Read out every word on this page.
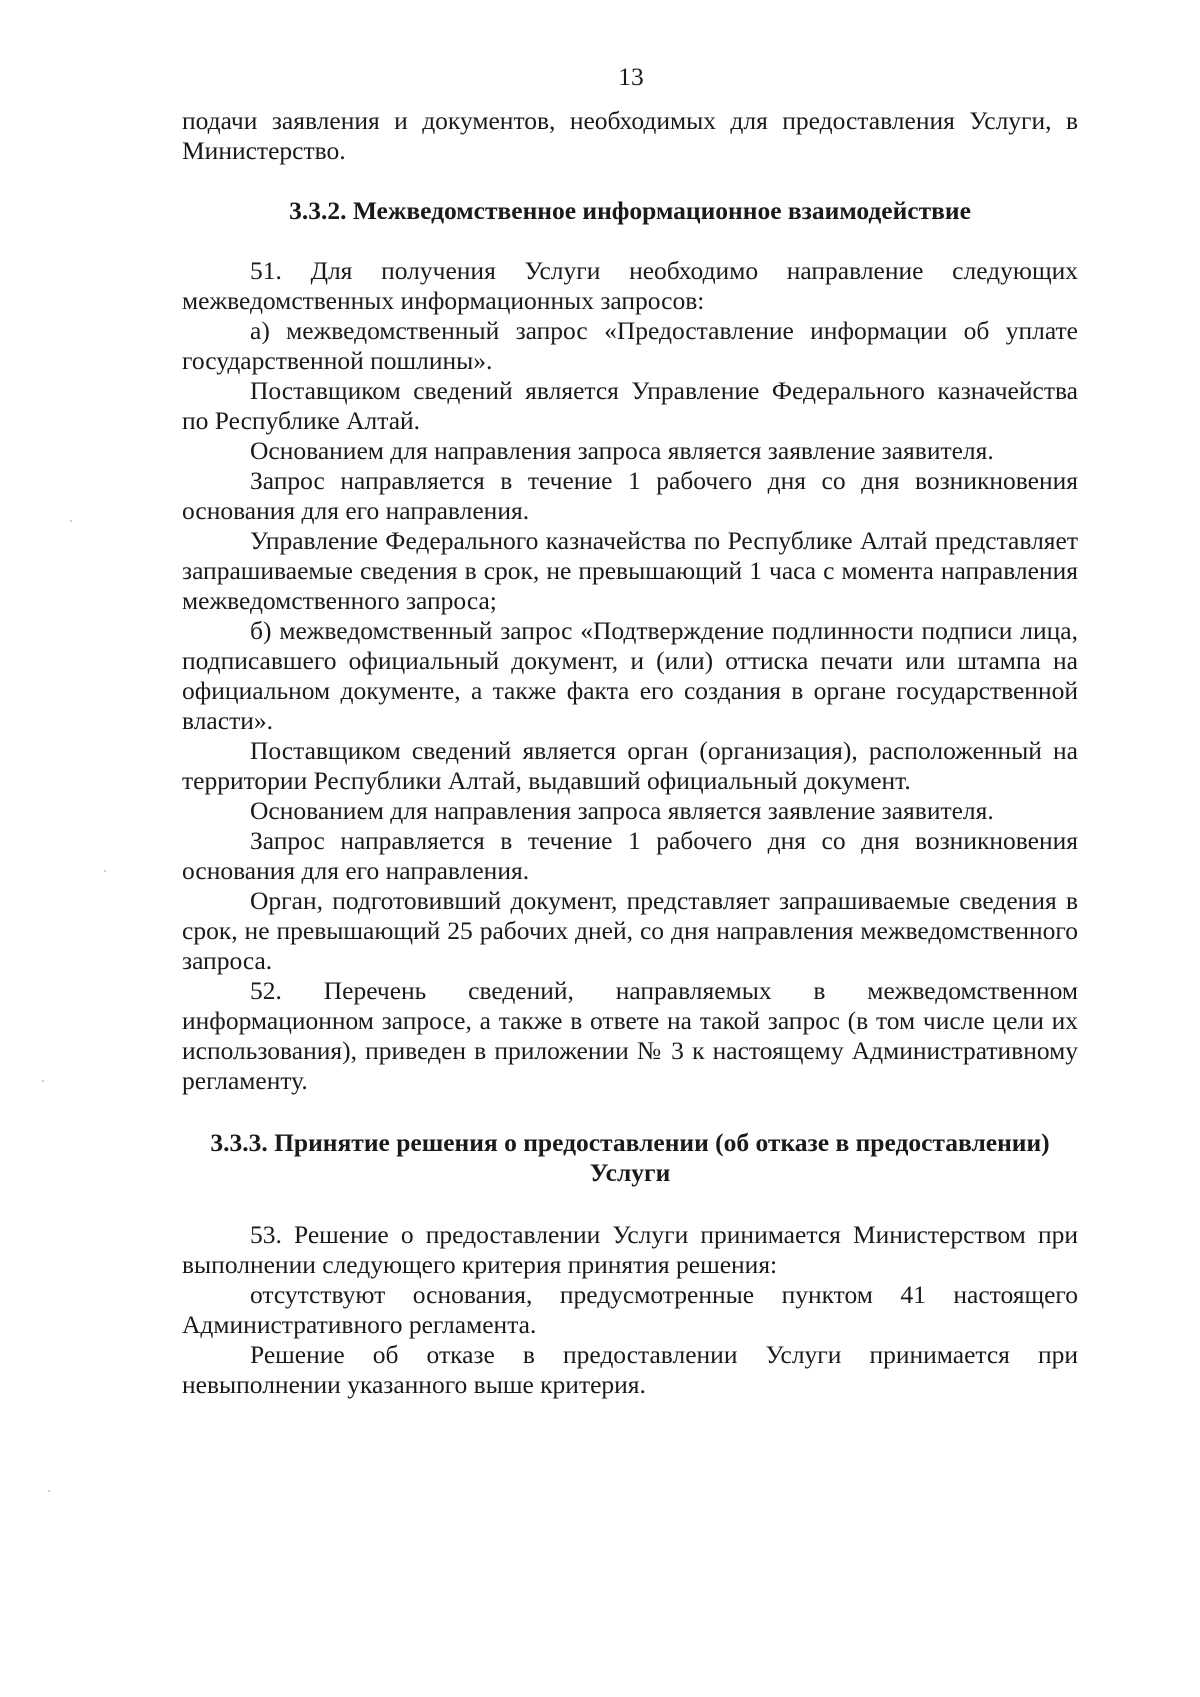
13

подачи заявления и документов, необходимых для предоставления Услуги, в Министерство.

3.3.2. Межведомственное информационное взаимодействие

51. Для получения Услуги необходимо направление следующих межведомственных информационных запросов:

а) межведомственный запрос «Предоставление информации об уплате государственной пошлины».

Поставщиком сведений является Управление Федерального казначейства по Республике Алтай.

Основанием для направления запроса является заявление заявителя.

Запрос направляется в течение 1 рабочего дня со дня возникновения основания для его направления.

Управление Федерального казначейства по Республике Алтай представляет запрашиваемые сведения в срок, не превышающий 1 часа с момента направления межведомственного запроса;

б) межведомственный запрос «Подтверждение подлинности подписи лица, подписавшего официальный документ, и (или) оттиска печати или штампа на официальном документе, а также факта его создания в органе государственной власти».

Поставщиком сведений является орган (организация), расположенный на территории Республики Алтай, выдавший официальный документ.

Основанием для направления запроса является заявление заявителя.

Запрос направляется в течение 1 рабочего дня со дня возникновения основания для его направления.

Орган, подготовивший документ, представляет запрашиваемые сведения в срок, не превышающий 25 рабочих дней, со дня направления межведомственного запроса.

52. Перечень сведений, направляемых в межведомственном информационном запросе, а также в ответе на такой запрос (в том числе цели их использования), приведен в приложении № 3 к настоящему Административному регламенту.

3.3.3. Принятие решения о предоставлении (об отказе в предоставлении)
Услуги

53. Решение о предоставлении Услуги принимается Министерством при выполнении следующего критерия принятия решения:

отсутствуют основания, предусмотренные пунктом 41 настоящего Административного регламента.

Решение об отказе в предоставлении Услуги принимается при невыполнении указанного выше критерия.
